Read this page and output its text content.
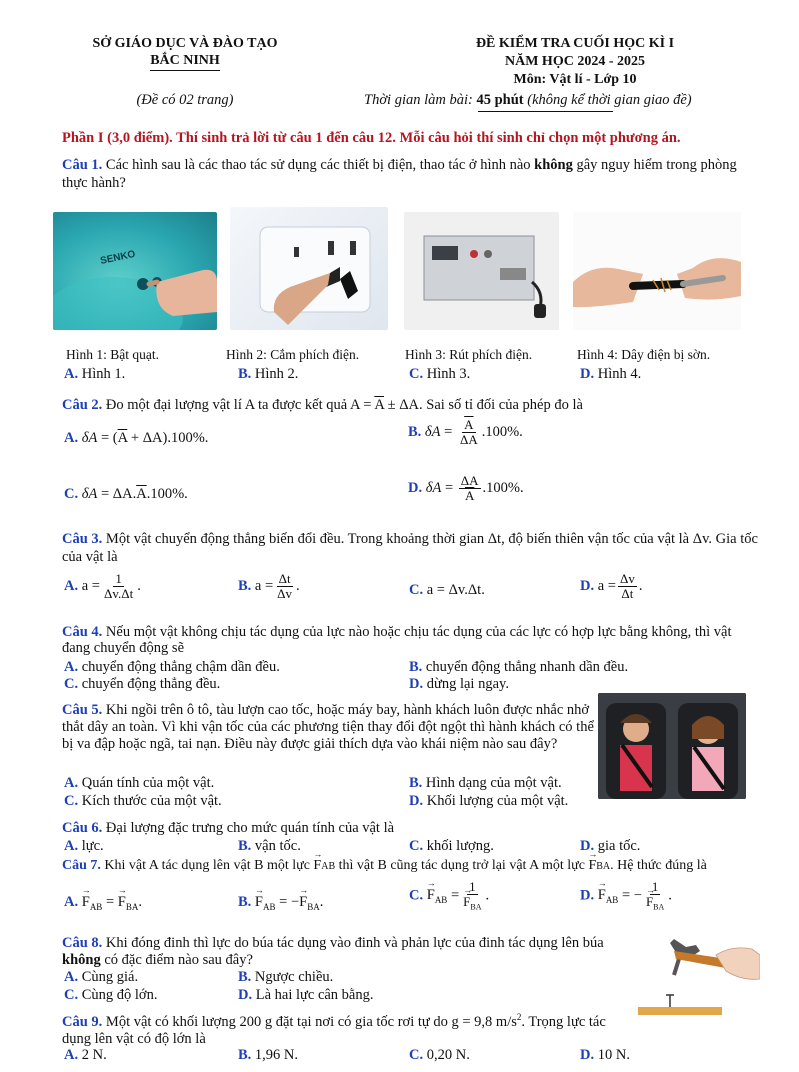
SỞ GIÁO DỤC VÀ ĐÀO TẠO
BẮC NINH
(Đề có 02 trang)
ĐỀ KIỂM TRA CUỐI HỌC KÌ I
NĂM HỌC 2024 - 2025
Môn: Vật lí - Lớp 10
Thời gian làm bài: 45 phút (không kể thời gian giao đề)
Phần I (3,0 điểm). Thí sinh trả lời từ câu 1 đến câu 12. Mỗi câu hỏi thí sinh chỉ chọn một phương án.
Câu 1. Các hình sau là các thao tác sử dụng các thiết bị điện, thao tác ở hình nào không gây nguy hiểm trong phòng thực hành?
SENKO
Hình 1: Bật quạt.	Hình 2: Cắm phích điện.	Hình 3: Rút phích điện.	Hình 4: Dây điện bị sờn.
A. Hình 1.	B. Hình 2.	C. Hình 3.	D. Hình 4.
Câu 2. Đo một đại lượng vật lí A ta được kết quả $A = \overline{A} \pm \Delta A$. Sai số tỉ đối của phép đo là
A. $\delta A = (\overline{A} + \Delta A).100\%$.	B. $\delta A = \frac{\overline{A}}{\Delta A} .100\%$.
C. $\delta A = \Delta A.\overline{A}.100\%$.	D. $\delta A = \frac{\Delta A}{A} .100\%$.
Câu 3. Một vật chuyển động thẳng biến đổi đều. Trong khoảng thời gian Δt, độ biến thiên vận tốc của vật là Δv. Gia tốc của vật là
A. $a = \frac{1}{\Delta v.\Delta t}$ .	B. $a = \frac{\Delta t}{\Delta v}$ .	C. a = Δv.Δt.	D. $a = \frac{\Delta v}{\Delta t}$ .
Câu 4. Nếu một vật không chịu tác dụng của lực nào hoặc chịu tác dụng của các lực có hợp lực bằng không, thì vật đang chuyển động sẽ
A. chuyển động thẳng chậm dần đều.	B. chuyển động thẳng nhanh dần đều.
C. chuyển động thẳng đều.	D. dừng lại ngay.
Câu 5. Khi ngồi trên ô tô, tàu lượn cao tốc, hoặc máy bay, hành khách luôn được nhắc nhở thắt dây an toàn. Vì khi vận tốc của các phương tiện thay đổi đột ngột thì hành khách có thể bị va đập hoặc ngã, tai nạn. Điều này được giải thích dựa vào khái niệm nào sau đây?
A. Quán tính của một vật.	B. Hình dạng của một vật.
C. Kích thước của một vật.	D. Khối lượng của một vật.
Câu 6. Đại lượng đặc trưng cho mức quán tính của vật là
A. lực.	B. vận tốc.	C. khối lượng.	D. gia tốc.
Câu 7. Khi vật A tác dụng lên vật B một lực → FAB thì vật B cũng tác dụng trở lại vật A một lực → FBA. Hệ thức đúng là
A. → $F_{AB}$ = → $F_{BA}$.	B. → $F_{AB}$ = −→ $F_{BA}$.	C. → $F_{AB} = 1$
→ $F_{BA}$ .	D. → $F_{AB}$ = − 1
→ $F_{BA}$ .
Câu 8. Khi đóng đinh thì lực do búa tác dụng vào đinh và phản lực của đinh tác dụng lên búa không có đặc điểm nào sau đây?
A. Cùng giá.	B. Ngược chiều.
C. Cùng độ lớn.	D. Là hai lực cân bằng.
Câu 9. Một vật có khối lượng 200 g đặt tại nơi có gia tốc rơi tự do g = 9,8 $m/s^2$. Trọng lực tác dụng lên vật có độ lớn là
A. 2 N.	B. 1,96 N.	C. 0,20 N.	D. 10 N.
